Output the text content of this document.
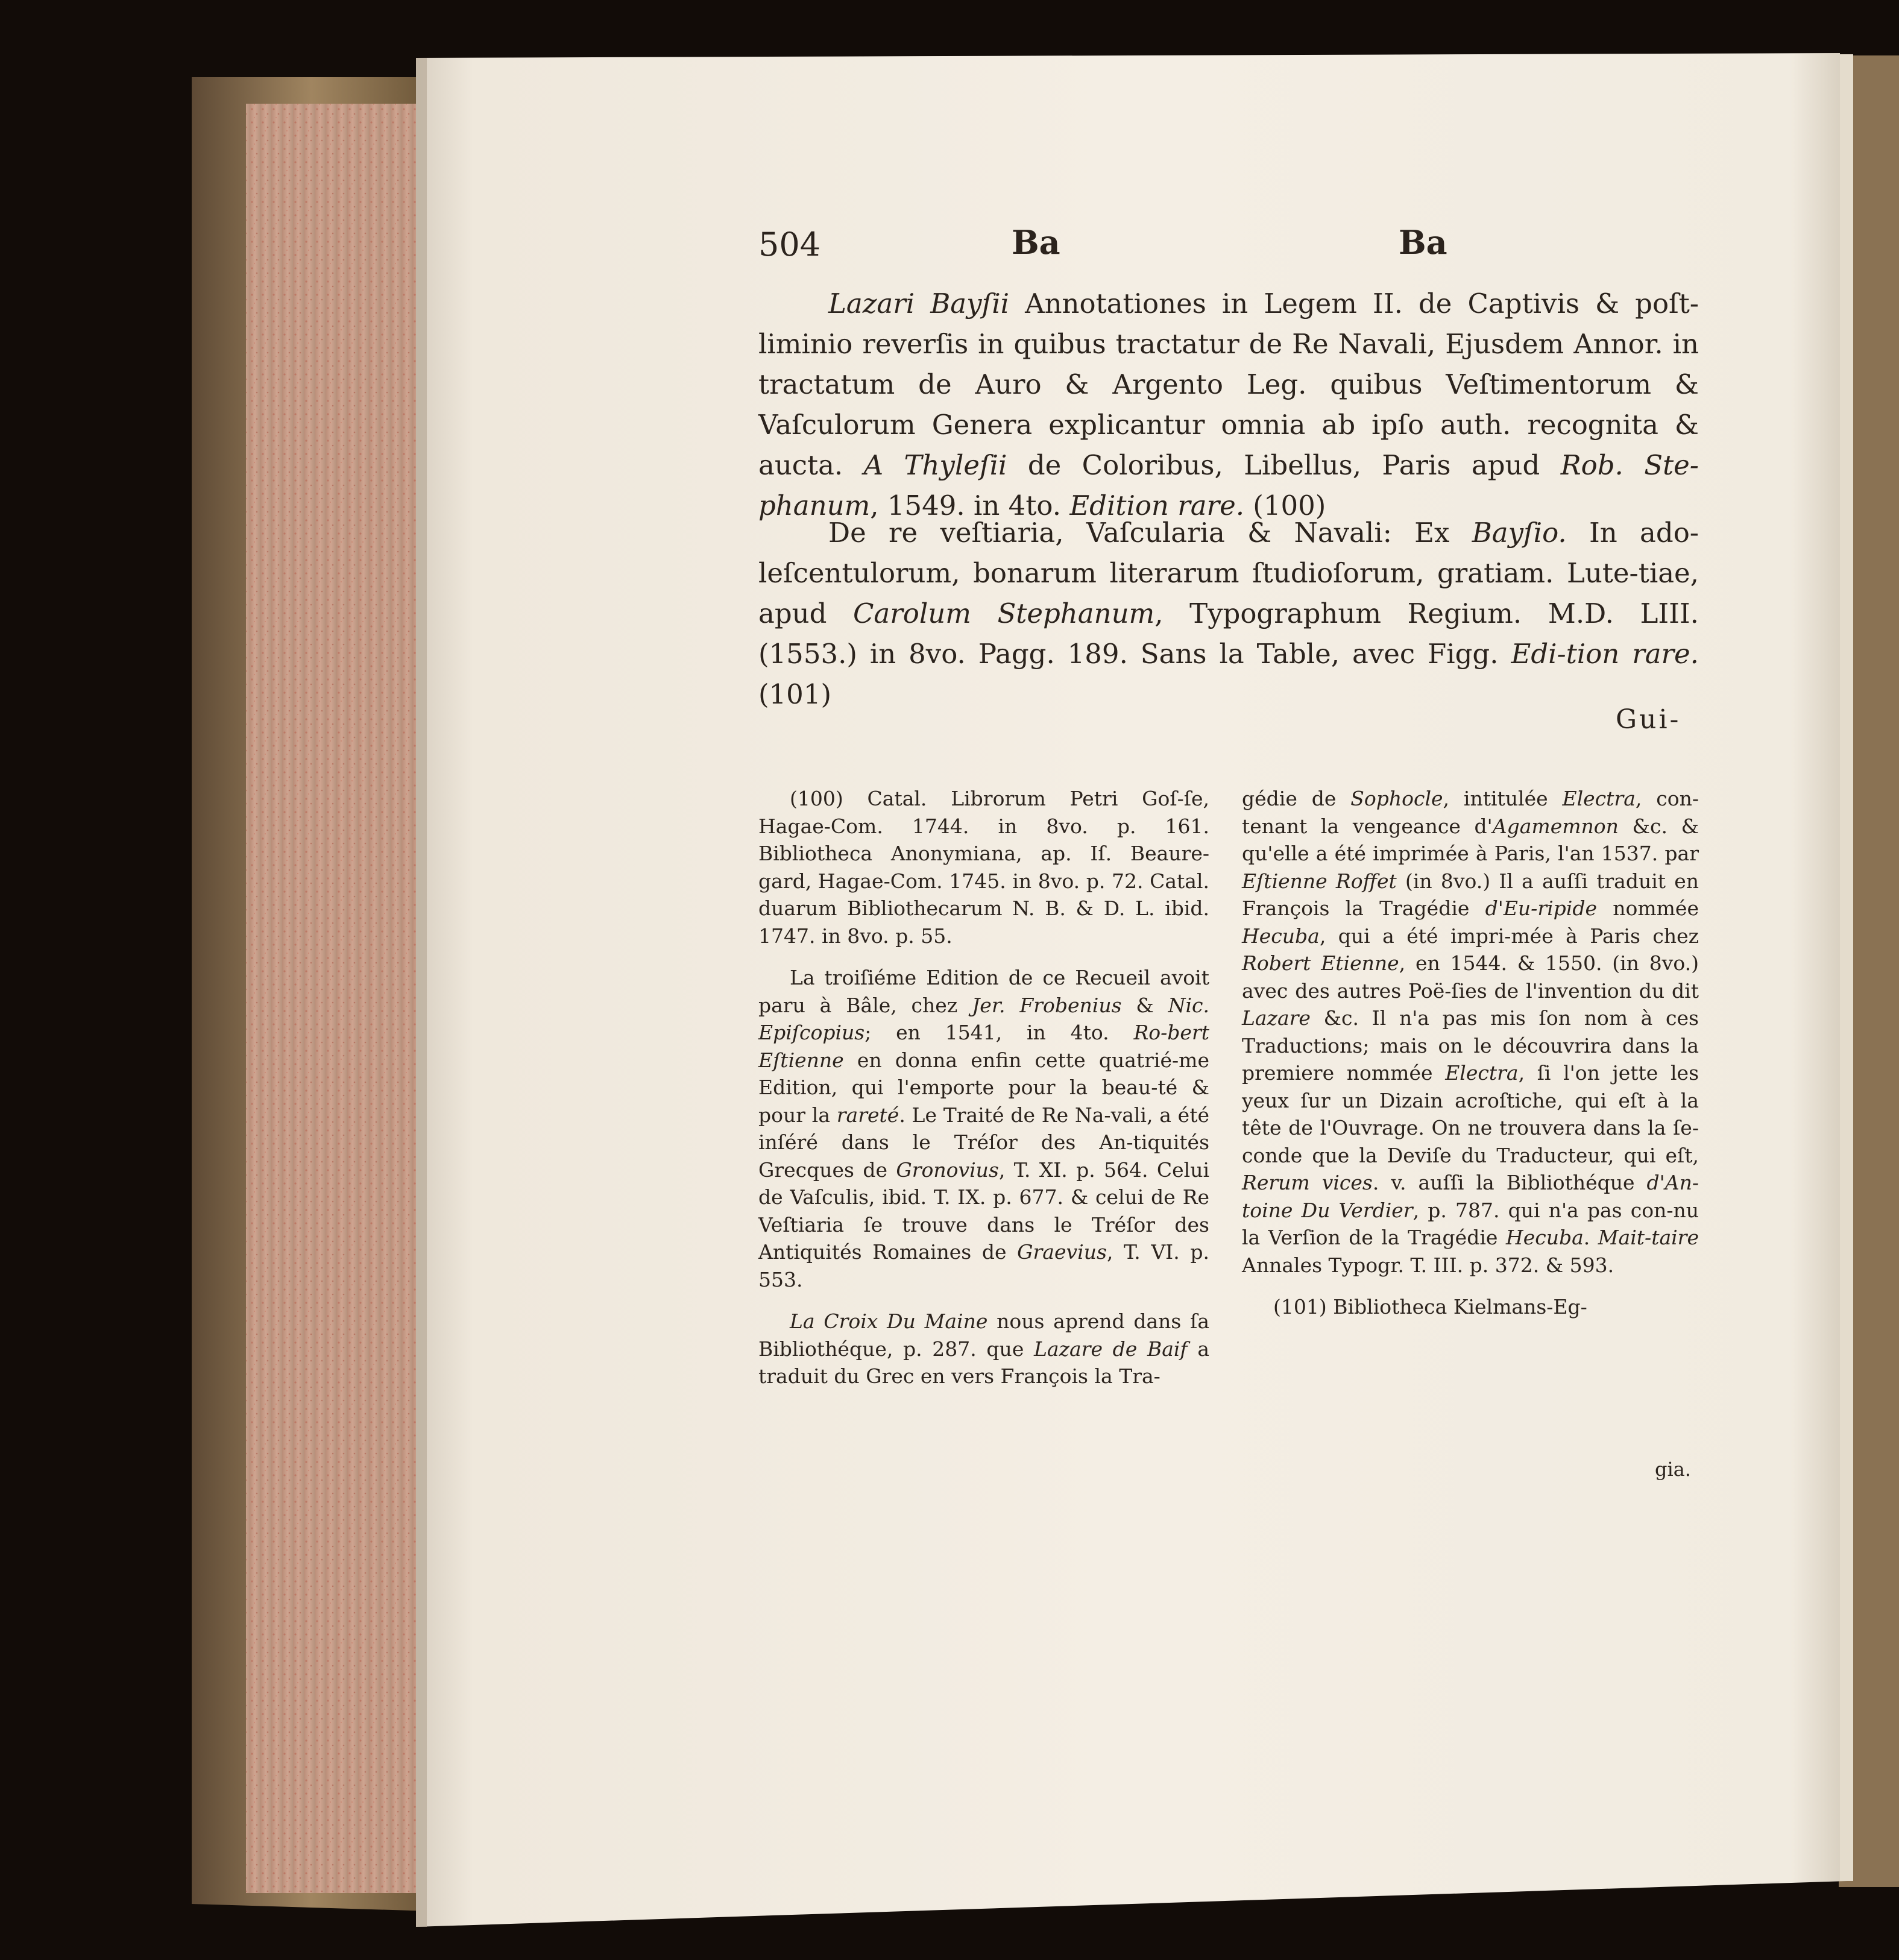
504	Ba	Ba
Lazari Bayſii Annotationes in Legem II. de Captivis & poſt-liminio reverſis in quibus tractatur de Re Navali, Ejusdem Annor. in tractatum de Auro & Argento Leg. quibus Veſtimentorum & Vaſculorum Genera explicantur omnia ab ipſo auth. recognita & aucta. A Thyleſii de Coloribus, Libellus, Paris apud Rob. Ste-phanum, 1549. in 4to. Edition rare. (100)
De re veſtiaria, Vaſcularia & Navali: Ex Bayſio. In ado-leſcentulorum, bonarum literarum ſtudioſorum, gratiam. Lute-tiae, apud Carolum Stephanum, Typographum Regium. M.D. LIII. (1553.) in 8vo. Pagg. 189. Sans la Table, avec Figg. Edi-tion rare. (101)
Gui-

(100) Catal. Librorum Petri Goſ-ſe, Hagae-Com. 1744. in 8vo. p. 161. Bibliotheca Anonymiana, ap. Iſ. Beaure-gard, Hagae-Com. 1745. in 8vo. p. 72. Catal. duarum Bibliothecarum N. B. & D. L. ibid. 1747. in 8vo. p. 55.

La troiſiéme Edition de ce Recueil avoit paru à Bâle, chez Jer. Frobenius & Nic. Epiſcopius; en 1541, in 4to. Ro-bert Eſtienne en donna enfin cette quatrié-me Edition, qui l'emporte pour la beau-té & pour la rareté. Le Traité de Re Na-vali, a été inſéré dans le Tréſor des An-tiquités Grecques de Gronovius, T. XI. p. 564. Celui de Vaſculis, ibid. T. IX. p. 677. & celui de Re Veſtiaria ſe trouve dans le Tréſor des Antiquités Romaines de Graevius, T. VI. p. 553.

La Croix Du Maine nous aprend dans ſa Bibliothéque, p. 287. que Lazare de Baif a traduit du Grec en vers François la Tra-

gédie de Sophocle, intitulée Electra, con-tenant la vengeance d'Agamemnon &c. & qu'elle a été imprimée à Paris, l'an 1537. par Eſtienne Roffet (in 8vo.) Il a auſſi traduit en François la Tragédie d'Eu-ripide nommée Hecuba, qui a été impri-mée à Paris chez Robert Etienne, en 1544. & 1550. (in 8vo.) avec des autres Poë-ſies de l'invention du dit Lazare &c. Il n'a pas mis ſon nom à ces Traductions; mais on le découvrira dans la premiere nommée Electra, ſi l'on jette les yeux ſur un Dizain acroſtiche, qui eſt à la tête de l'Ouvrage. On ne trouvera dans la ſe-conde que la Deviſe du Traducteur, qui eſt, Rerum vices. v. auſſi la Bibliothéque d'An-toine Du Verdier, p. 787. qui n'a pas con-nu la Verſion de la Tragédie Hecuba. Mait-taire Annales Typogr. T. III. p. 372. & 593.

(101) Bibliotheca Kielmans-Eg-

gia.
